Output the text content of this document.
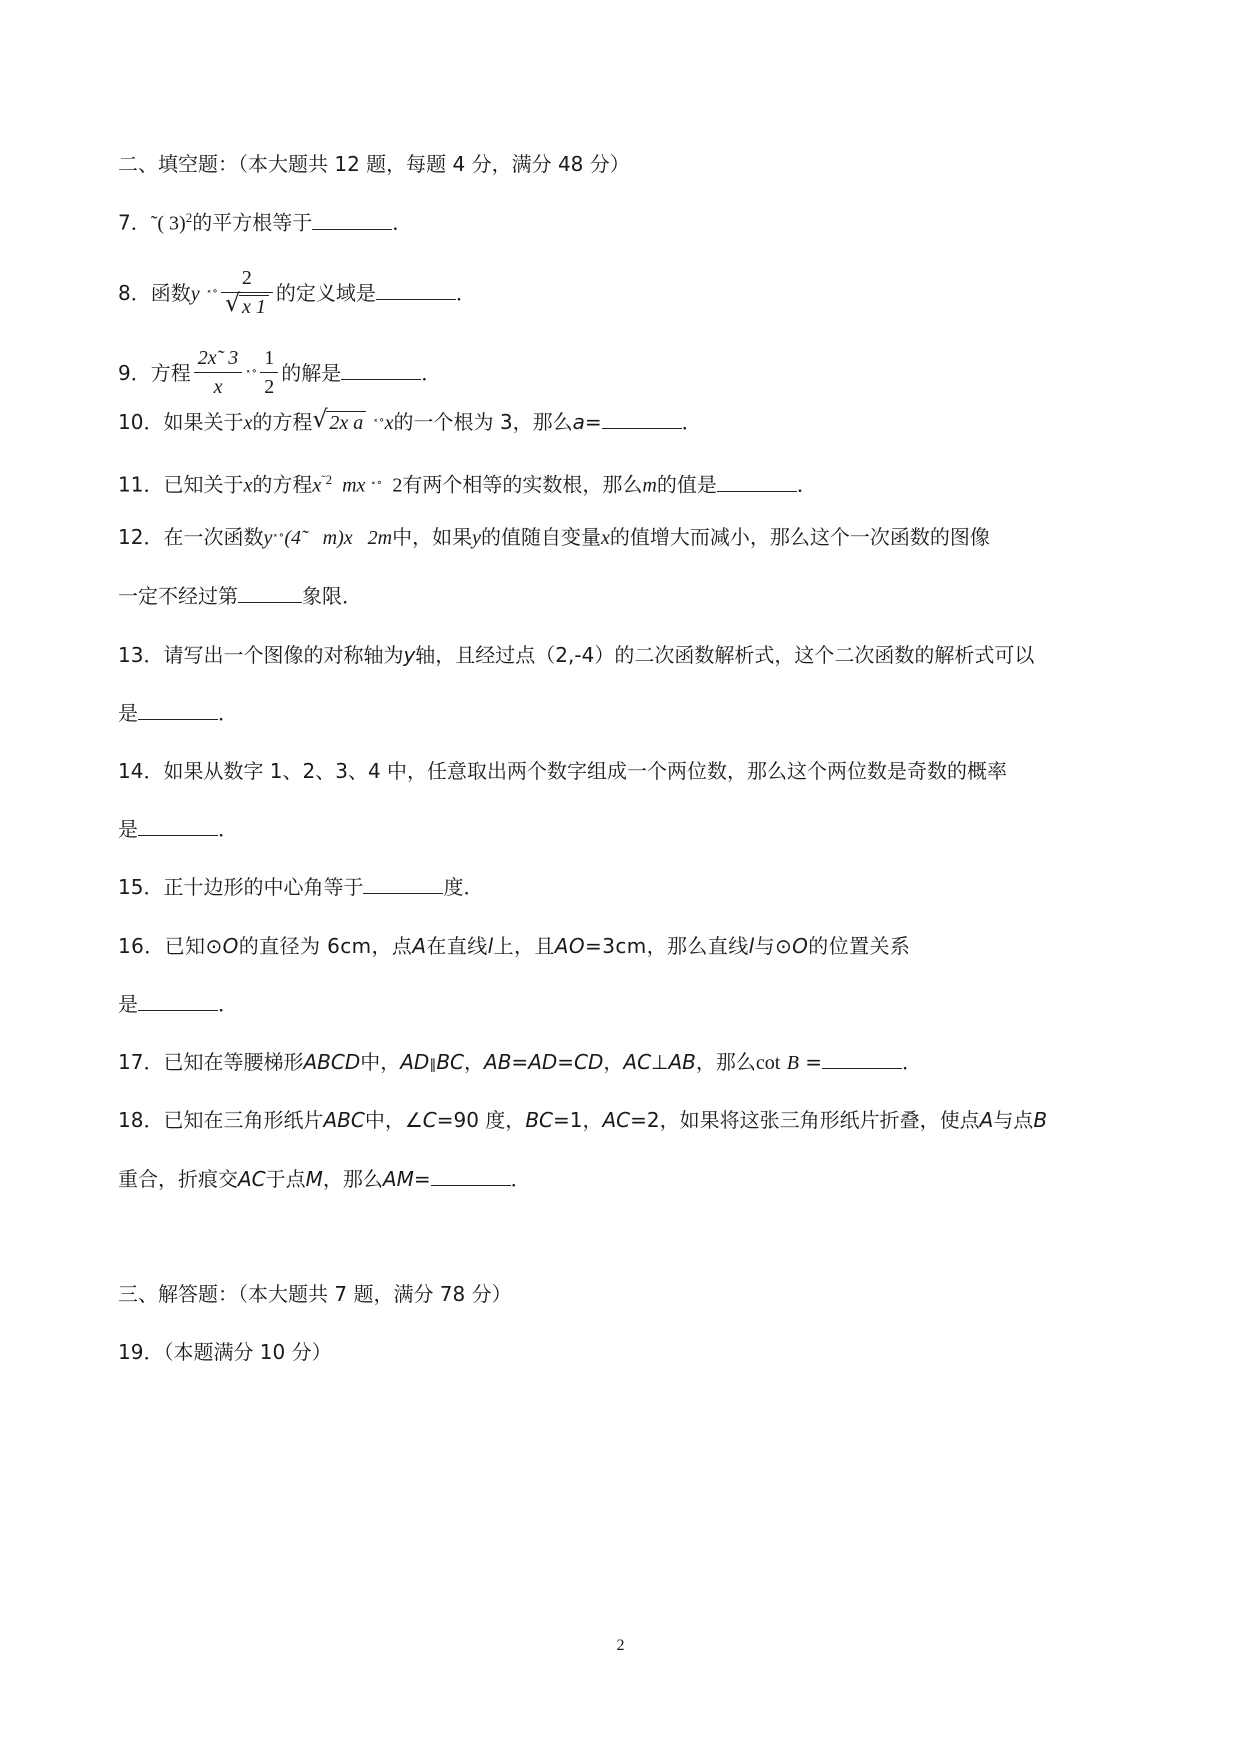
二、填空题：（本大题共 12 题，每题 4 分，满分 48 分）
7．˜( 3)$^2$的平方根等于	．
8．函数y ˟˚ $\frac{2}{√ x 1}$ 的定义域是	．
9．方程 $\frac{2x˜ 3}{x}$ ˟˚ $\frac{1}{2}$ 的解是	．
10．如果关于x的方程 √ 2x a ˟˚x的一个根为 3，那么a=	．
11．已知关于x的方程$x^{˜2}$  mx ˟˚  2有两个相等的实数根，那么m的值是	．
12．在一次函数y˟˚(4˜   m)x   2m中，如果y的值随自变量x的值增大而减小，那么这个一次函数的图像
一定不经过第	象限．
13．请写出一个图像的对称轴为y轴，且经过点（2,-4）的二次函数解析式，这个二次函数的解析式可以
是	．
14．如果从数字 1、2、3、4 中，任意取出两个数字组成一个两位数，那么这个两位数是奇数的概率
是	．
15．正十边形的中心角等于	度．
16．已知⊙O的直径为 6cm，点A在直线l上，且AO=3cm，那么直线l与⊙O的位置关系
是	．
17．已知在等腰梯形ABCD中，AD∥BC，AB=AD=CD，AC⊥AB，那么cot B =	．
18．已知在三角形纸片ABC中，∠C=90 度，BC=1，AC=2，如果将这张三角形纸片折叠，使点A与点B
重合，折痕交AC于点M，那么AM=	．
三、解答题：（本大题共 7 题，满分 78 分）
19．（本题满分 10 分）
2
